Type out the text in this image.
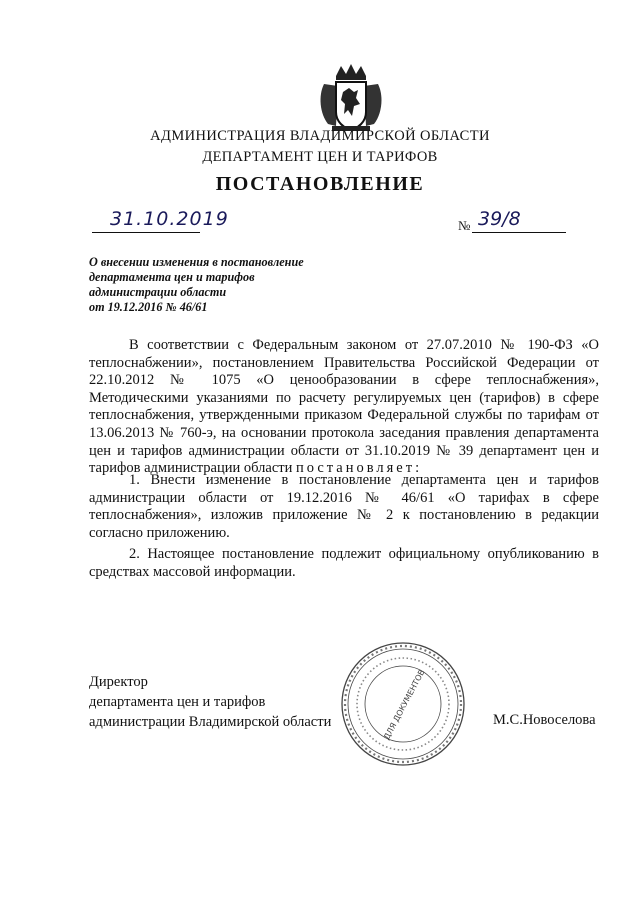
АДМИНИСТРАЦИЯ ВЛАДИМИРСКОЙ ОБЛАСТИ
ДЕПАРТАМЕНТ ЦЕН И ТАРИФОВ
ПОСТАНОВЛЕНИЕ
31.10.2019	№ 39/8
О внесении изменения в постановление
департамента цен и тарифов
администрации области
от 19.12.2016 № 46/61
В соответствии с Федеральным законом от 27.07.2010 № 190-ФЗ «О теплоснабжении», постановлением Правительства Российской Федерации от 22.10.2012 № 1075 «О ценообразовании в сфере теплоснабжения», Методическими указаниями по расчету регулируемых цен (тарифов) в сфере теплоснабжения, утвержденными приказом Федеральной службы по тарифам от 13.06.2013 № 760-э, на основании протокола заседания правления департамента цен и тарифов администрации области от 31.10.2019 № 39 департамент цен и тарифов администрации области постановляет:
1. Внести изменение в постановление департамента цен и тарифов администрации области от 19.12.2016 № 46/61 «О тарифах в сфере теплоснабжения», изложив приложение № 2 к постановлению в редакции согласно приложению.
2. Настоящее постановление подлежит официальному опубликованию в средствах массовой информации.
Директор
департамента цен и тарифов
администрации Владимирской области	ДЛЯ ДОКУМЕНТОВ	М.С.Новоселова
